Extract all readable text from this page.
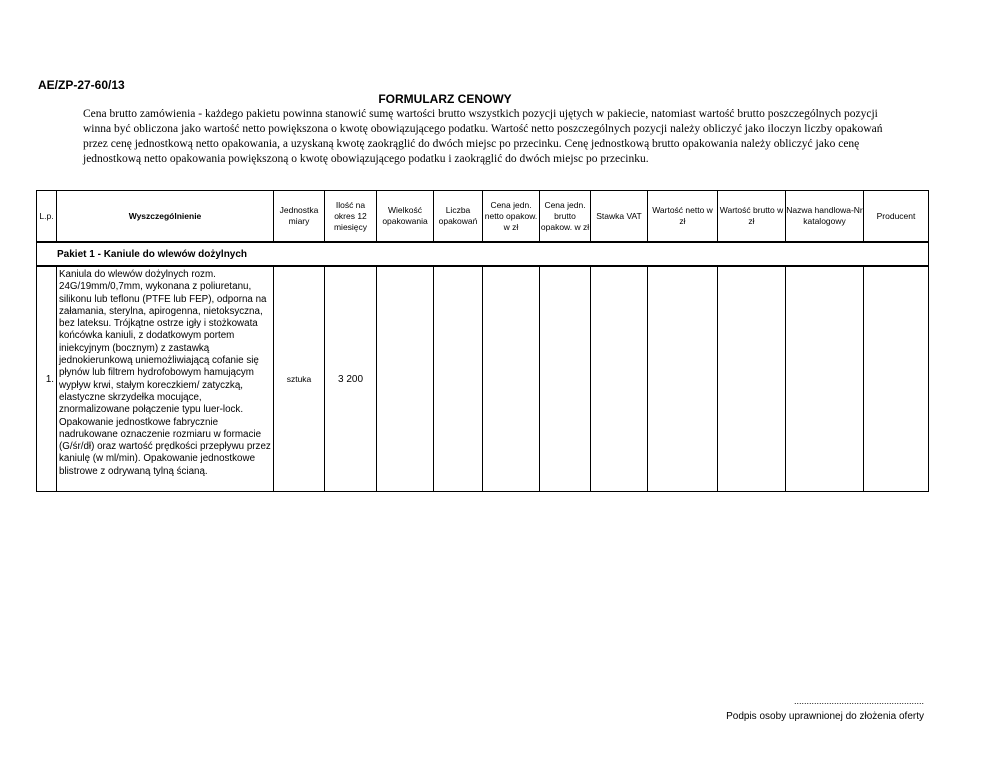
AE/ZP-27-60/13
FORMULARZ CENOWY

Cena brutto zamówienia - każdego pakietu powinna stanowić sumę wartości brutto wszystkich pozycji ujętych w pakiecie, natomiast wartość brutto poszczególnych pozycji winna być obliczona jako wartość netto powiększona o kwotę obowiązującego podatku. Wartość netto poszczególnych pozycji należy obliczyć jako iloczyn liczby opakowań przez cenę jednostkową netto opakowania, a uzyskaną kwotę zaokrąglić do dwóch miejsc po przecinku. Cenę jednostkową brutto opakowania należy obliczyć jako cenę jednostkową netto opakowania powiększoną o kwotę obowiązującego podatku i zaokrąglić do dwóch miejsc po przecinku.

L.p.	Wyszczególnienie	Jednostka miary	Ilość na okres 12 miesięcy	Wielkość opakowania	Liczba opakowań	Cena jedn. netto opakow. w zł	Cena jedn. brutto opakow. w zł	Stawka VAT	Wartość netto w zł	Wartość brutto w zł	Nazwa handlowa-Nr katalogowy	Producent
Pakiet 1 - Kaniule do wlewów dożylnych												
1.	Kaniula do wlewów dożylnych rozm. 24G/19mm/0,7mm, wykonana z poliuretanu, silikonu lub teflonu (PTFE lub FEP), odporna na załamania, sterylna, apirogenna, nietoksyczna, bez lateksu. Trójkątne ostrze igły i stożkowata końcówka kaniuli, z dodatkowym portem iniekcyjnym (bocznym) z zastawką jednokierunkową uniemożliwiającą cofanie się płynów lub filtrem hydrofobowym hamującym wypływ krwi, stałym koreczkiem/ zatyczką, elastyczne skrzydełka mocujące, znormalizowane połączenie typu luer-lock. Opakowanie jednostkowe fabrycznie nadrukowane oznaczenie rozmiaru w formacie (G/śr/dł) oraz wartość prędkości przepływu przez kaniulę (w ml/min). Opakowanie jednostkowe blistrowe z odrywaną tylną ścianą.	sztuka	3 200									
....................................................
Podpis osoby uprawnionej do złożenia oferty
